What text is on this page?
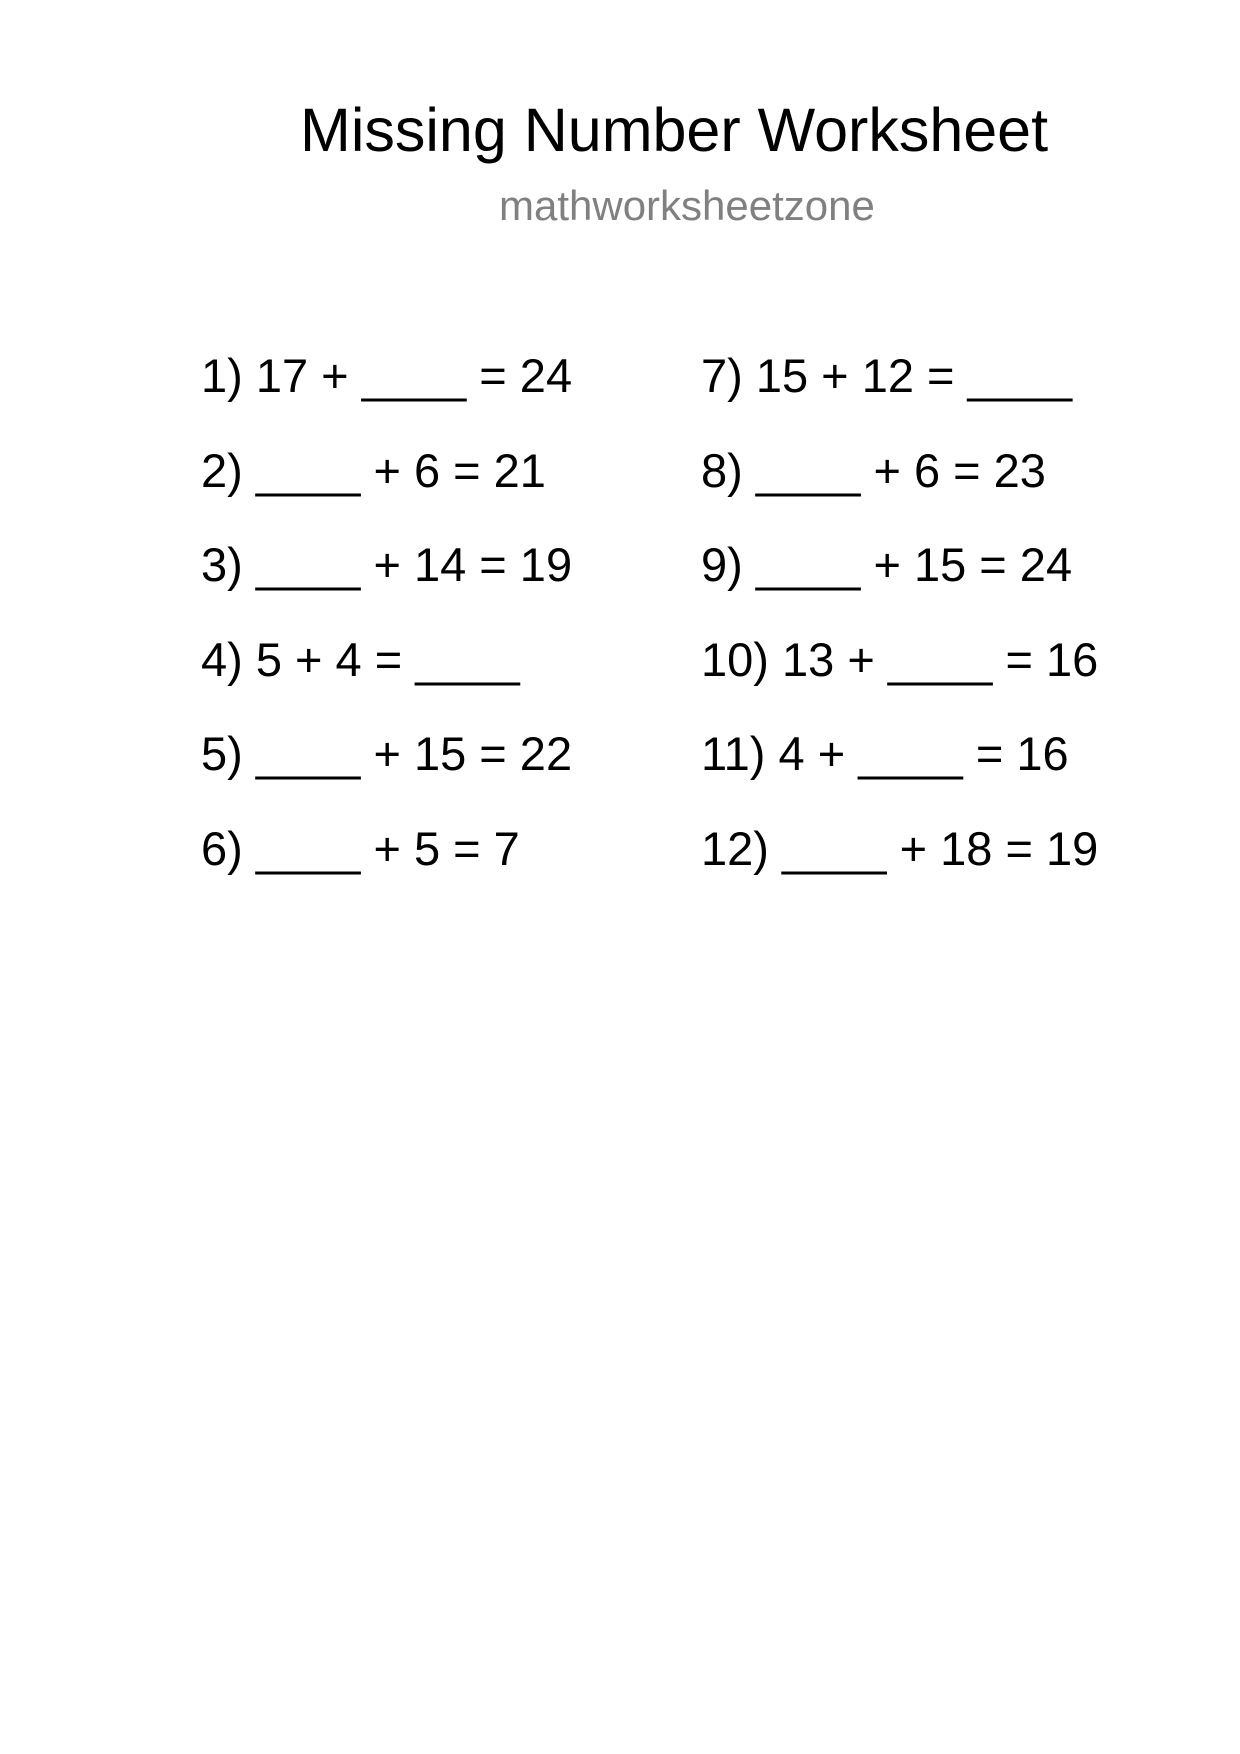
Missing Number Worksheet
mathworksheetzone
1) 17 + ____ = 24
2) ____ + 6 = 21
3) ____ + 14 = 19
4) 5 + 4 = ____
5) ____ + 15 = 22
6) ____ + 5 = 7
7) 15 + 12 = ____
8) ____ + 6 = 23
9) ____ + 15 = 24
10) 13 + ____ = 16
11) 4 + ____ = 16
12) ____ + 18 = 19
